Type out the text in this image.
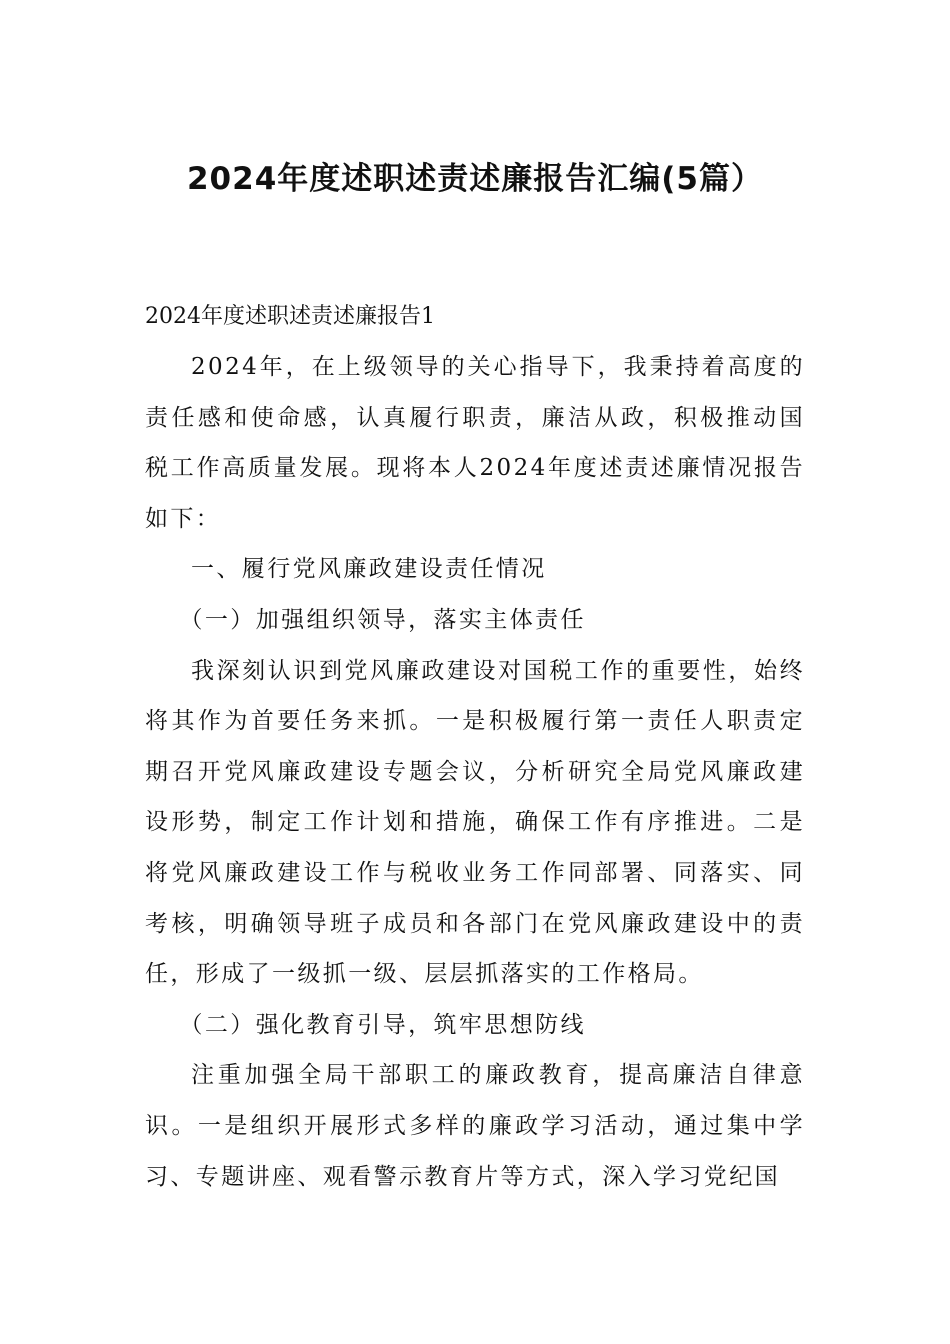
2024年度述职述责述廉报告汇编(5篇）

2024年度述职述责述廉报告1

2024年，在上级领导的关心指导下，我秉持着高度的责任感和使命感，认真履行职责，廉洁从政，积极推动国税工作高质量发展。现将本人2024年度述责述廉情况报告如下：

一、履行党风廉政建设责任情况

（一）加强组织领导，落实主体责任

我深刻认识到党风廉政建设对国税工作的重要性，始终将其作为首要任务来抓。一是积极履行第一责任人职责定期召开党风廉政建设专题会议，分析研究全局党风廉政建设形势，制定工作计划和措施，确保工作有序推进。二是将党风廉政建设工作与税收业务工作同部署、同落实、同考核，明确领导班子成员和各部门在党风廉政建设中的责任，形成了一级抓一级、层层抓落实的工作格局。

（二）强化教育引导，筑牢思想防线

注重加强全局干部职工的廉政教育，提高廉洁自律意识。一是组织开展形式多样的廉政学习活动，通过集中学习、专题讲座、观看警示教育片等方式，深入学习党纪国
